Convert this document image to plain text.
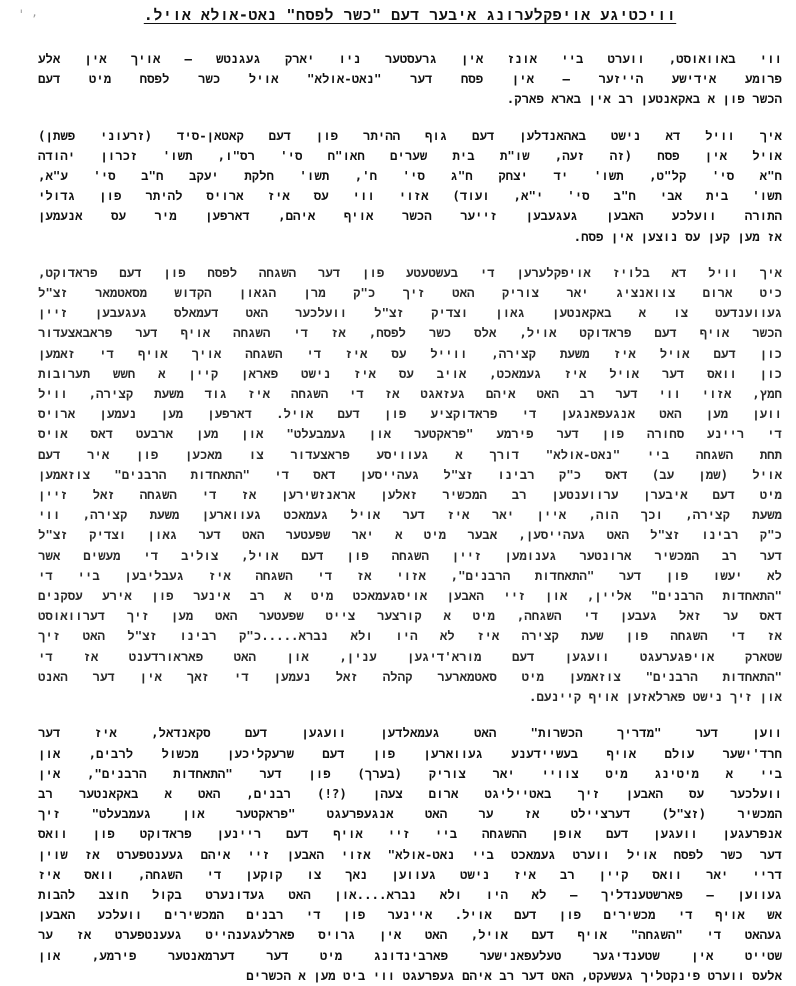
י ,	וויכטיגע אויפקלערונג איבער דעם "כשר לפסח" נאט-אולא אויל.
ווי באוואוסט, ווערט ביי אונז אין גרעסטער ניו יארק געגנטש – אויך אין אלע
פרומע אידישע הייזער – אין פסח דער "נאט-אולא" אויל כשר לפסח מיט דעם
הכשר פון א באקאנטען רב אין בארא פארק.
איך וויל דא נישט באהאנדלען דעם גוף ההיתר פון דעם קאטאן-סיד (זרעוני פשתן)
אויל אין פסח (זה זעה, שו"ת בית שערים חאו"ח סי' רס"ו, תשו' זכרון יהודה
ח"א סי' קל"ט, תשו' יד יצחק ח"ג סי' ח', תשו' חלקת יעקב ח"ב סי' ע"א,
תשו' בית אבי ח"ב סי' י"א, ועוד) אזוי ווי עס איז ארויס להיתר פון גדולי
התורה וועלכע האבען געגעבען זייער הכשר אויף איהם, דארפען מיר עס אנעמען
אז מען קען עס נוצען אין פסח.
איך וויל דא בלויז אויפקלערען די בעשטעטע פון דער השגחה לפסח פון דעם פראדוקט,
כיט ארום צוואנציג יאר צוריק האט זיך כ"ק מרן הגאון הקדוש מסאטמאר זצ"ל
געווענדעט צו א באקאנטען גאון וצדיק זצ"ל וועלכער האט דעמאלס געגעבען זיין
הכשר אויף דעם פראדוקט אויל, אלס כשר לפסח, אז די השגחה אויף דער פראבאצעדור
כון דעם אויל איז משעת קצירה, ווייל עס איז די השגחה אויך אויף די זאמען
כון וואס דער אויל איז געמאכט, אויב עס איז נישט פאראן קיין א חשש תערובות
חמץ, אזוי ווי דער רב האט איהם געזאגט אז די השגחה איז גוד משעת קצירה, וויל
ווען מען האט אנגעפאנגען די פראדוקציע פון דעם אויל. דארפען מען נעמען ארויס
די ריינע סחורה פון דער פירמע "פראקטער און געמבעלט" און מען ארבעט דאס אויס
תחת השגחה ביי "נאט-אולא" דורך א געוויסע פראצעדור צו מאכען פון איר דעם
אויל (שמן עב) דאס כ"ק רבינו זצ"ל געהייסען דאס די "התאחדות הרבנים" צוזאמען
מיט דעם איבערן ערווענטען רב המכשיר זאלען אראנזשירען אז די השגחה זאל זיין
משעת קצירה, וכך הוה, איין יאר איז דער אויל געמאכט געווארען משעת קצירה, ווי
כ"ק רבינו זצ"ל האט געהייסען, אבער מיט א יאר שפעטער האט דער גאון וצדיק זצ"ל
דער רב המכשיר ארונטער גענומען זיין השגחה פון דעם אויל, צוליב די מעשים אשר
לא יעשו פון דער "התאחדות הרבנים", אזוי אז די השגחה איז געבליבען ביי די
"התאחדות הרבנים" אליין, און זיי האבען אויסגעמאכט מיט א רב אינער פון אירע עסקנים
דאס ער זאל געבען די השגחה, מיט א קורצער צייט שפעטער האט מען זיך דערוואוסט
אז די השגחה פון שעת קצירה איז לא היו ולא נברא.....כ"ק רבינו זצ"ל האט זיך
שטארק אויפגערעגט וועגען דעם מורא'דיגען ענין, און האט פאראורדענט אז די
"התאחדות הרבנים" צוזאמען מיט סאטמארער קהלה זאל נעמען די זאך אין דער האנט
און זיך נישט פארלאזען אויף קיינעם.
ווען דער "מדריך הכשרות" האט געמאלדען וועגען דעם סקאנדאל, איז דער
חרד'ישער עולם אויף בעשיידענע געווארען פון דעם שרעקליכען מכשול לרבים, און
ביי א מיטינג מיט צוויי יאר צוריק (בערך) פון דער "התאחדות הרבנים", אין
וועלכער עס האבען זיך באטייליגט ארום צעהן (?!) רבנים, האט א באקאנטער רב
המכשיר (זצ"ל) דערציילט אז ער האט אנגעפרעגט "פראקטער און געמבעלט" זיך
אנפרעגען וועגען דעם אופן ההשגחה ביי זיי אויף דעם ריינען פראדוקט פון וואס
דער כשר לפסח אויל ווערט געמאכט ביי נאט-אולא" אזוי האבען זיי איהם געענטפערט אז שוין
דריי יאר וואס קיין רב איז נישט געווען נאך צו קוקען די השגחה, וואס איז
געווען – פארשטענדליך – לא היו ולא נברא....און האט געדונערט בקול חוצב להבות
אש אויף די מכשירים פון דעם אויל. איינער פון די רבנים המכשירים וועלכע האבען
געהאט די "השגחה" אויף דעם אויל, האט אין גרויס פארלעגענהייט געענטפערט אז ער
שטייט אין שטענדיגער טעלעפאנישער פארבינדונג מיט דער דערמאנטער פירמע, און
אלעס ווערט פינקטליך געשעקט, האט דער רב איהם געפרעגט ווי ביט מען א הכשרים
